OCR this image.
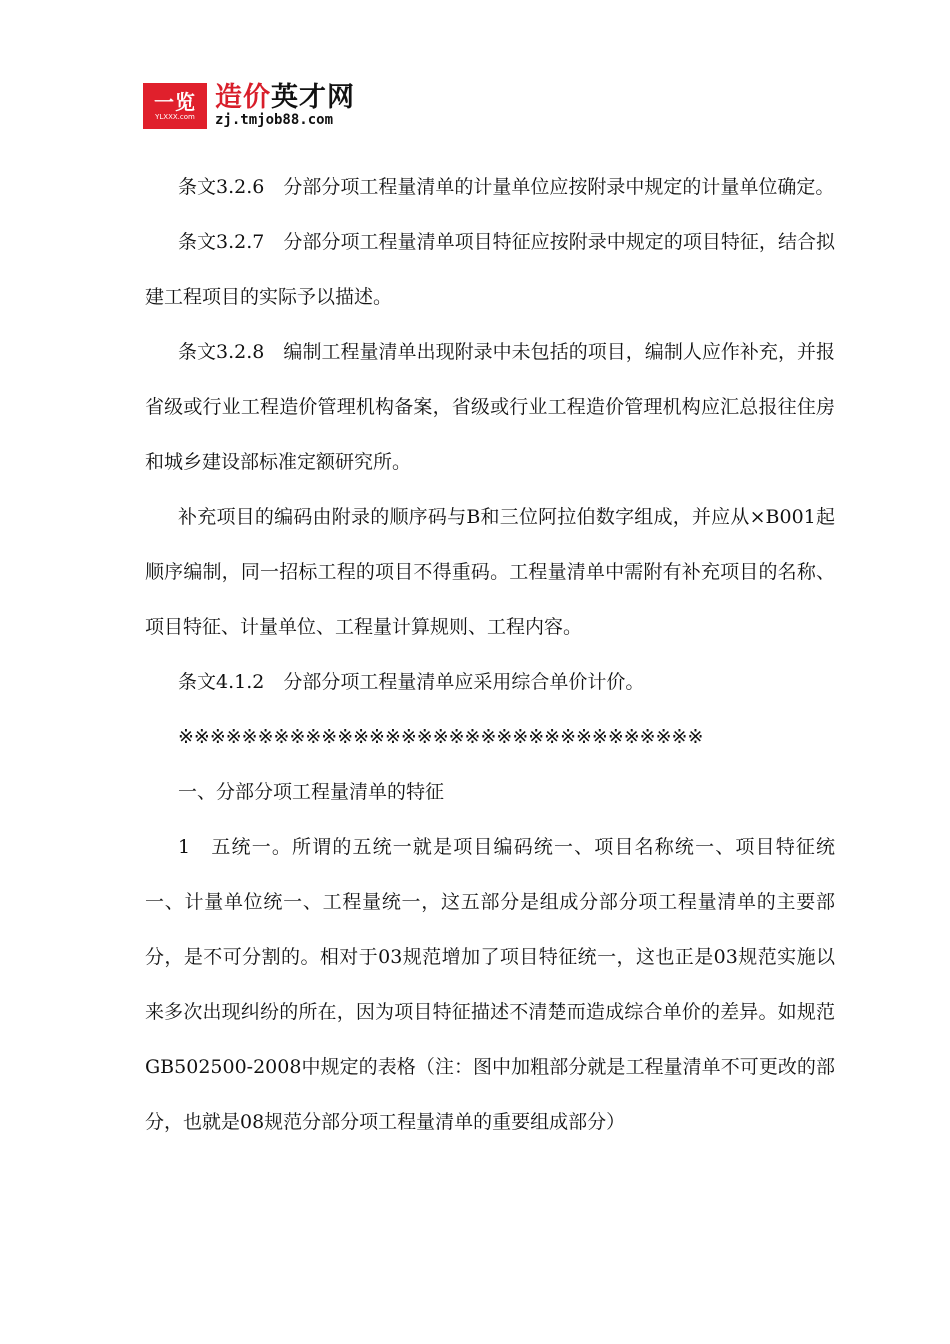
一览
YLXXX.com
造价英才网
zj.tmjob88.com

条文3.2.6　分部分项工程量清单的计量单位应按附录中规定的计量单位确定。

条文3.2.7　分部分项工程量清单项目特征应按附录中规定的项目特征，结合拟建工程项目的实际予以描述。

条文3.2.8　编制工程量清单出现附录中未包括的项目，编制人应作补充，并报省级或行业工程造价管理机构备案，省级或行业工程造价管理机构应汇总报往住房和城乡建设部标准定额研究所。

补充项目的编码由附录的顺序码与B和三位阿拉伯数字组成，并应从×B001起顺序编制，同一招标工程的项目不得重码。工程量清单中需附有补充项目的名称、项目特征、计量单位、工程量计算规则、工程内容。

条文4.1.2　分部分项工程量清单应采用综合单价计价。

※※※※※※※※※※※※※※※※※※※※※※※※※※※※※※※※※

一、分部分项工程量清单的特征

1　五统一。所谓的五统一就是项目编码统一、项目名称统一、项目特征统一、计量单位统一、工程量统一，这五部分是组成分部分项工程量清单的主要部分，是不可分割的。相对于03规范增加了项目特征统一，这也正是03规范实施以来多次出现纠纷的所在，因为项目特征描述不清楚而造成综合单价的差异。如规范GB502500-2008中规定的表格（注：图中加粗部分就是工程量清单不可更改的部分，也就是08规范分部分项工程量清单的重要组成部分）
